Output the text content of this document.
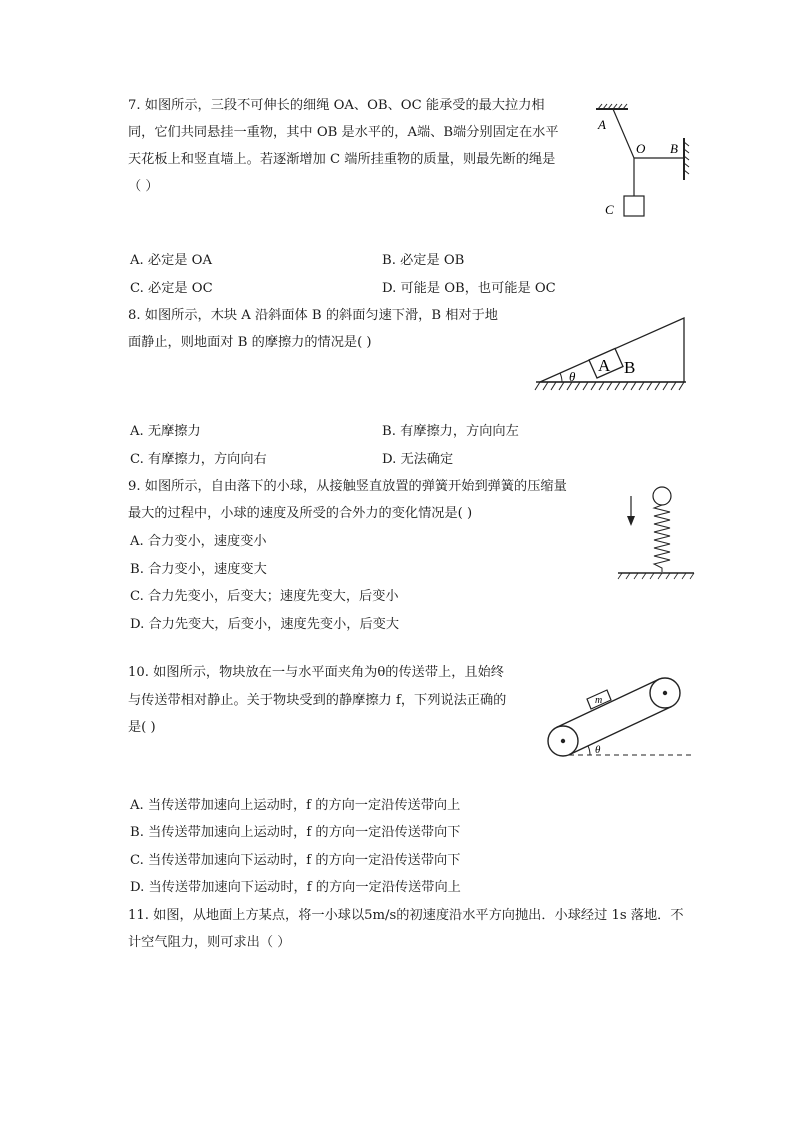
7. 如图所示，三段不可伸长的细绳 OA、OB、OC 能承受的最大拉力相
同，它们共同悬挂一重物，其中 OB 是水平的，A端、B端分别固定在水平
天花板上和竖直墙上。若逐渐增加 C 端所挂重物的质量，则最先断的绳是
（ ）
A. 必定是 OA	B. 必定是 OB
C. 必定是 OC	D. 可能是 OB，也可能是 OC
A
O B
C
8. 如图所示，木块 A 沿斜面体 B 的斜面匀速下滑，B 相对于地
面静止，则地面对 B 的摩擦力的情况是( )
A. 无摩擦力	B. 有摩擦力，方向向左
C. 有摩擦力，方向向右	D. 无法确定
A B
θ
9. 如图所示，自由落下的小球，从接触竖直放置的弹簧开始到弹簧的压缩量
最大的过程中，小球的速度及所受的合外力的变化情况是( )
A. 合力变小，速度变小
B. 合力变小，速度变大
C. 合力先变小，后变大；速度先变大，后变小
D. 合力先变大，后变小，速度先变小，后变大
10. 如图所示，物块放在一与水平面夹角为θ的传送带上，且始终
与传送带相对静止。关于物块受到的静摩擦力 f，下列说法正确的
是( )
A. 当传送带加速向上运动时，f 的方向一定沿传送带向上
B. 当传送带加速向上运动时，f 的方向一定沿传送带向下
C. 当传送带加速向下运动时，f 的方向一定沿传送带向下
D. 当传送带加速向下运动时，f 的方向一定沿传送带向上
m
θ
11. 如图，从地面上方某点，将一小球以5m/s的初速度沿水平方向抛出．小球经过 1s 落地．不
计空气阻力，则可求出（ ）
